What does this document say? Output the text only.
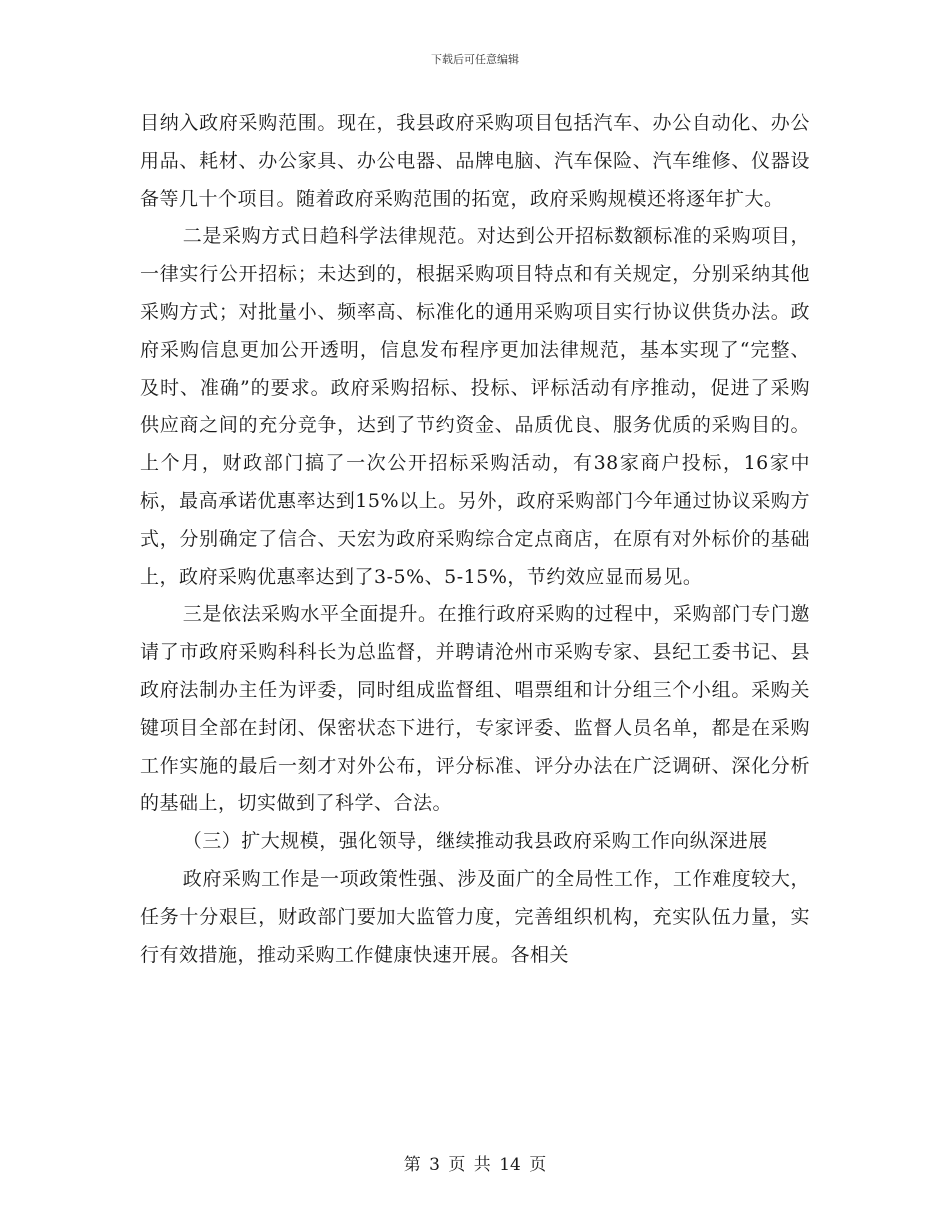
下载后可任意编辑

目纳入政府采购范围。现在，我县政府采购项目包括汽车、办公自动化、办公用品、耗材、办公家具、办公电器、品牌电脑、汽车保险、汽车维修、仪器设备等几十个项目。随着政府采购范围的拓宽，政府采购规模还将逐年扩大。

二是采购方式日趋科学法律规范。对达到公开招标数额标准的采购项目，一律实行公开招标；未达到的，根据采购项目特点和有关规定，分别采纳其他采购方式；对批量小、频率高、标准化的通用采购项目实行协议供货办法。政府采购信息更加公开透明，信息发布程序更加法律规范，基本实现了“完整、及时、准确”的要求。政府采购招标、投标、评标活动有序推动，促进了采购供应商之间的充分竞争，达到了节约资金、品质优良、服务优质的采购目的。上个月，财政部门搞了一次公开招标采购活动，有38家商户投标，16家中标，最高承诺优惠率达到15%以上。另外，政府采购部门今年通过协议采购方式，分别确定了信合、天宏为政府采购综合定点商店，在原有对外标价的基础上，政府采购优惠率达到了3-5%、5-15%，节约效应显而易见。

三是依法采购水平全面提升。在推行政府采购的过程中，采购部门专门邀请了市政府采购科科长为总监督，并聘请沧州市采购专家、县纪工委书记、县政府法制办主任为评委，同时组成监督组、唱票组和计分组三个小组。采购关键项目全部在封闭、保密状态下进行，专家评委、监督人员名单，都是在采购工作实施的最后一刻才对外公布，评分标准、评分办法在广泛调研、深化分析的基础上，切实做到了科学、合法。

（三）扩大规模，强化领导，继续推动我县政府采购工作向纵深进展

政府采购工作是一项政策性强、涉及面广的全局性工作，工作难度较大，任务十分艰巨，财政部门要加大监管力度，完善组织机构，充实队伍力量，实行有效措施，推动采购工作健康快速开展。各相关

第 3 页 共 14 页
